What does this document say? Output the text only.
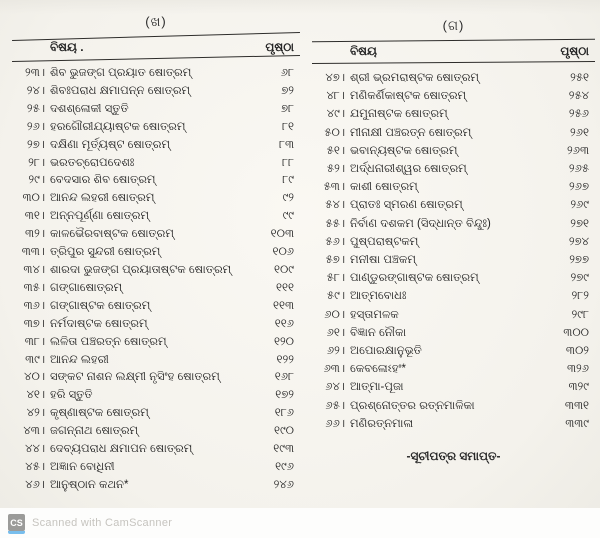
(ଖ)
ବିଷୟ .	ପୃଷ୍ଠା
୨୩। ଶିବ ଭୁଜଙ୍ଗ ପ୍ରୟାତ ଷୋତ୍ରମ୍	୬୮
୨୪। ଶିବଃପରାଧ କ୍ଷମାପନ୍ନ ଷୋତ୍ରମ୍	୭୨
୨୫। ଦଶଶ୍ଳୋକୀ ସ୍ତୁତି	୭୮
୨୬। ହରଗୌରୀଯ୍ୟାଷ୍ଟକ ଷୋତ୍ରମ୍	୮୧
୨୭। ଦକ୍ଷିଣା ମୂର୍ତ୍ୟଷ୍ଟ ଷୋତ୍ରମ୍	୮୩
୨୮। ଭରତଚ୍ରୋପଦେଶଃ	୮୮
୨୯। ବେଦସାର ଶିବ ଷୋତ୍ରମ୍	୮୯
୩୦। ଆନନ୍ଦ ଲହରୀ ଷୋତ୍ରମ୍	୯୨
୩୧। ଅନ୍ନପୂର୍ଣ୍ଣା ଷୋତ୍ରମ୍	୯୯
୩୨। କାଳଭୈରବାଷ୍ଟକ ଷୋତ୍ରମ୍	୧୦୩
୩୩। ତ୍ରିପୁର ସୁନ୍ଦରୀ ଷୋତ୍ରମ୍	୧୦୬
୩୪। ଶାରଦା ଭୁଜଙ୍ଗ ପ୍ରୟାତାଷ୍ଟକ ଷୋତ୍ରମ୍	୧୦୯
୩୫। ଗଙ୍ଗାଷୋତ୍ରମ୍	୧୧୧
୩୬। ଗଙ୍ଗାଷ୍ଟକ ଷୋତ୍ରମ୍	୧୧୩
୩୭। ନର୍ମଦାଷ୍ଟକ ଷୋତ୍ରମ୍	୧୧୬
୩୮। ଲଳିତା ପଞ୍ଚରତ୍ନ ଷୋତ୍ରମ୍	୧୨୦
୩୯। ଆନନ୍ଦ ଲହରୀ	୧୨୨
୪୦। ସଙ୍କଟ ନାଶନ ଲକ୍ଷ୍ମୀ ନୃସିଂହ ଷୋତ୍ରମ୍	୧୬୮
୪୧। ହରି ସ୍ତୁତି	୧୭୨
୪୨। କୃଷ୍ଣାଷ୍ଟକ ଷୋତ୍ରମ୍	୧୮୬
୪୩। ଜଗନ୍ନାଥ ଷୋତ୍ରମ୍	୧୯୦
୪୪। ଦେବ୍ୟପରାଧ କ୍ଷମାପନ ଷୋତ୍ରମ୍	୧୯୩
୪୫। ଅଜ୍ଞାନ ବୋଧିନୀ	୧୯୬
୪୬। ଆନୁଷ୍ଠାନ କଥନ*	୨୪୬
(ଗ)
ବିଷୟ	ପୃଷ୍ଠା
୪୭। ଶ୍ରୀ ଭ୍ରମରାଷ୍ଟକ ଷୋତ୍ରମ୍	୨୫୧
୪୮। ମଣିକର୍ଣିକାଷ୍ଟକ ଷୋତ୍ରମ୍	୨୫୪
୪୯। ଯମୁନାଷ୍ଟକ ଷୋତ୍ରମ୍	୨୫୬
୫୦। ମୀନାକ୍ଷୀ ପଞ୍ଚରତ୍ନ ଷୋତ୍ରମ୍	୨୬୧
୫୧। ଭବାନ୍ୟଷ୍ଟକ ଷୋତ୍ରମ୍	୨୬୩
୫୨। ଅର୍ଦ୍ଧନାରୀଶ୍ୱର ଷୋତ୍ରମ୍	୨୬୫
୫୩। କାଶୀ ଷୋତ୍ରମ୍	୨୬୭
୫୪। ପ୍ରାତଃ ସ୍ମରଣ ଷୋତ୍ରମ୍	୨୬୯
୫୫। ନିର୍ବାଣ ଦଶକମ (ସିଦ୍ଧାନ୍ତ ବିନ୍ଦୁଃ)	୨୭୧
୫୬। ପୁଷ୍ପରାଷ୍ଟକମ୍	୨୭୪
୫୭। ମନୀଷା ପଞ୍ଚକମ୍	୨୭୭
୫୮। ପାଣ୍ଡୁରଙ୍ଗାଷ୍ଟକ ଷୋତ୍ରମ୍	୨୭୯
୫୯। ଆତ୍ମବୋଧଃ	୨୮୨
୬୦। ହସ୍ତାମଳକ	୨୯୮
୬୧। ବିଜ୍ଞାନ ନୌକା	୩୦୦
୬୨। ଅପୋରକ୍ଷାନୁଭୂତି	୩୦୨
୬୩। କେବଳୋଽହଂ*	୩୨୬
୬୪। ଆତ୍ମା-ପୂଜା	୩୨୯
୬୫। ପ୍ରଶ୍ନୋତ୍ତର ରତ୍ନମାଳିକା	୩୩୧
୬୬। ମଣିରତ୍ନମାଳା	୩୩୯
-ସୂଚୀପତ୍ର ସମାପ୍ତ-
CS Scanned with CamScanner
